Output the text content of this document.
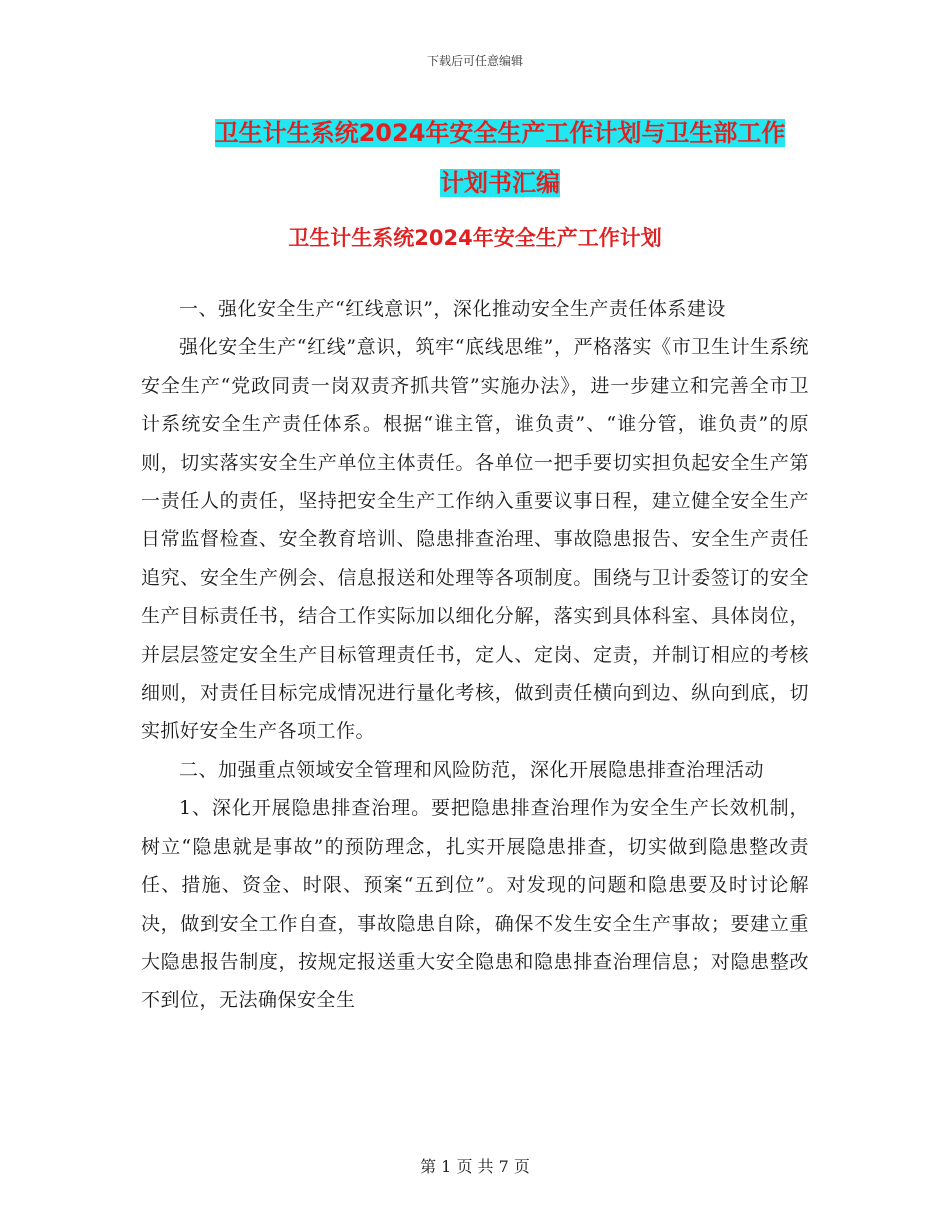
下载后可任意编辑
卫生计生系统2024年安全生产工作计划与卫生部工作
计划书汇编
卫生计生系统2024年安全生产工作计划

一、强化安全生产“红线意识”，深化推动安全生产责任体系建设

强化安全生产“红线”意识，筑牢“底线思维”，严格落实《市卫生计生系统安全生产“党政同责一岗双责齐抓共管”实施办法》，进一步建立和完善全市卫计系统安全生产责任体系。根据“谁主管，谁负责”、“谁分管，谁负责”的原则，切实落实安全生产单位主体责任。各单位一把手要切实担负起安全生产第一责任人的责任，坚持把安全生产工作纳入重要议事日程，建立健全安全生产日常监督检查、安全教育培训、隐患排查治理、事故隐患报告、安全生产责任追究、安全生产例会、信息报送和处理等各项制度。围绕与卫计委签订的安全生产目标责任书，结合工作实际加以细化分解，落实到具体科室、具体岗位，并层层签定安全生产目标管理责任书，定人、定岗、定责，并制订相应的考核细则，对责任目标完成情况进行量化考核，做到责任横向到边、纵向到底，切实抓好安全生产各项工作。

二、加强重点领域安全管理和风险防范，深化开展隐患排查治理活动

1、深化开展隐患排查治理。要把隐患排查治理作为安全生产长效机制，树立“隐患就是事故”的预防理念，扎实开展隐患排查，切实做到隐患整改责任、措施、资金、时限、预案“五到位”。对发现的问题和隐患要及时讨论解决，做到安全工作自查，事故隐患自除，确保不发生安全生产事故；要建立重大隐患报告制度，按规定报送重大安全隐患和隐患排查治理信息；对隐患整改不到位，无法确保安全生

第 1 页 共 7 页
